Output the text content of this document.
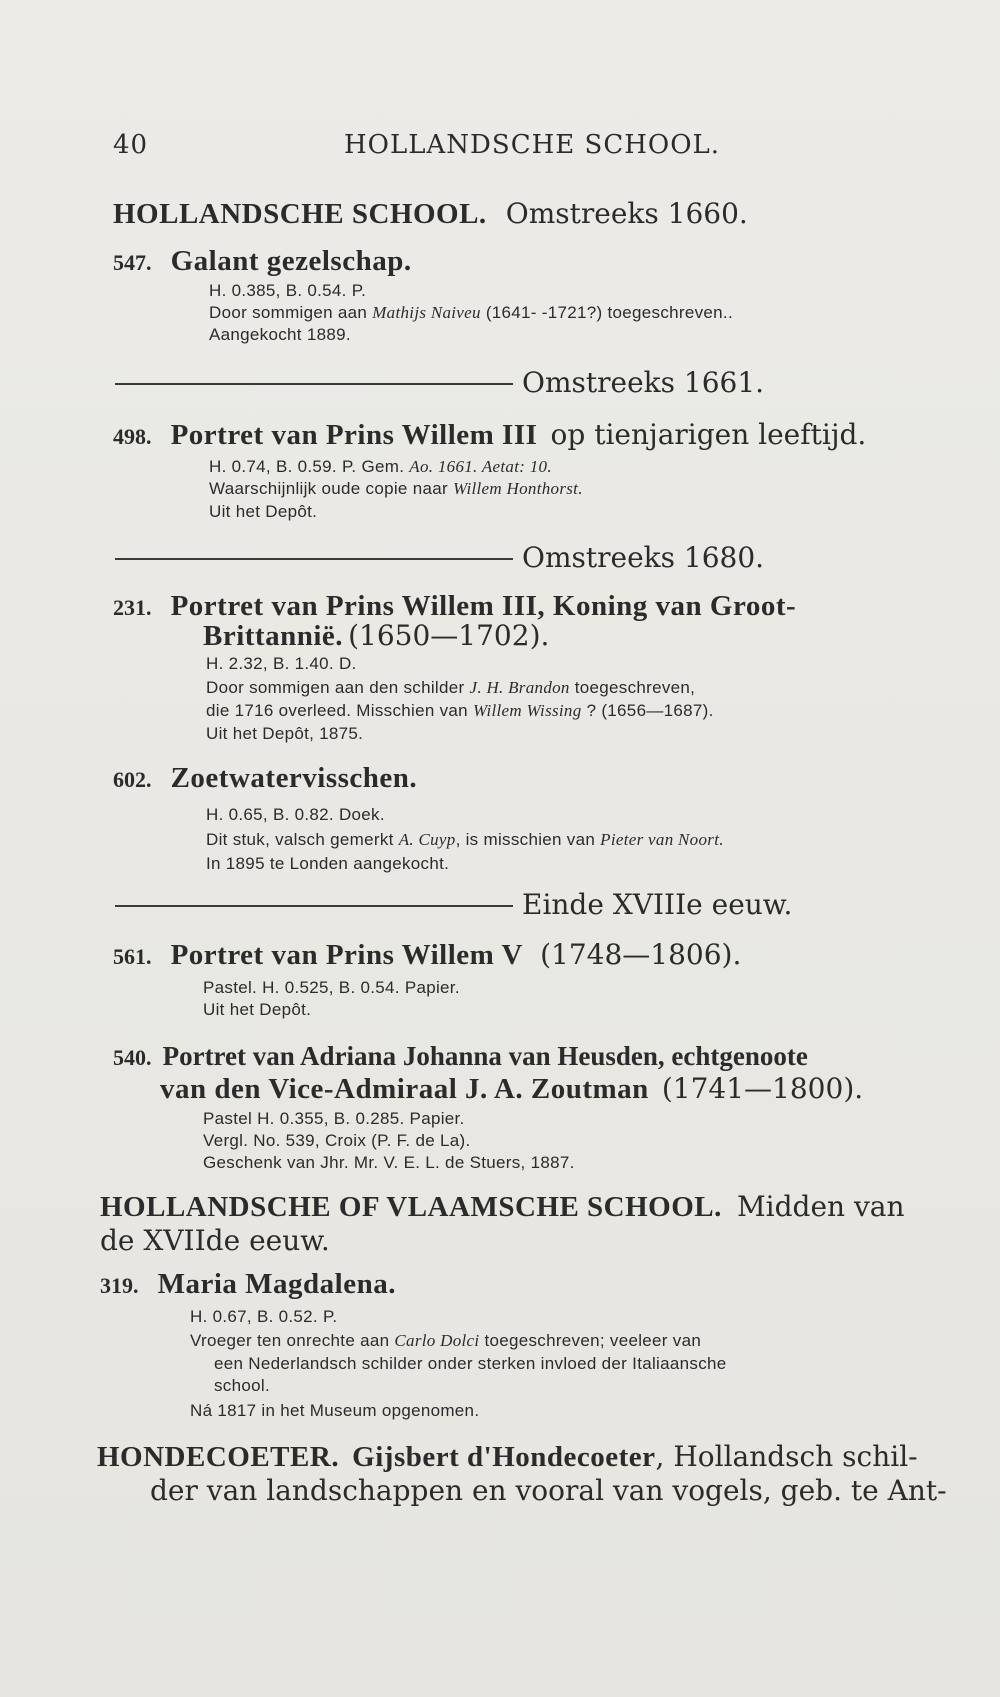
40	HOLLANDSCHE SCHOOL.
HOLLANDSCHE SCHOOL. Omstreeks 1660.
547. Galant gezelschap.
H. 0.385, B. 0.54. P.
Door sommigen aan Mathijs Naiveu (1641- -1721?) toegeschreven..
Aangekocht 1889.
Omstreeks 1661.
498. Portret van Prins Willem III op tienjarigen leeftijd.
H. 0.74, B. 0.59. P. Gem. Ao. 1661. Aetat: 10.
Waarschijnlijk oude copie naar Willem Honthorst.
Uit het Depôt.
Omstreeks 1680.
231. Portret van Prins Willem III, Koning van Groot-
Brittannië. (1650—1702).
H. 2.32, B. 1.40. D.
Door sommigen aan den schilder J. H. Brandon toegeschreven,
die 1716 overleed. Misschien van Willem Wissing ? (1656—1687).
Uit het Depôt, 1875.
602. Zoetwatervisschen.
H. 0.65, B. 0.82. Doek.
Dit stuk, valsch gemerkt A. Cuyp, is misschien van Pieter van Noort.
In 1895 te Londen aangekocht.
Einde XVIIIe eeuw.
561. Portret van Prins Willem V (1748—1806).
Pastel. H. 0.525, B. 0.54. Papier.
Uit het Depôt.
540. Portret van Adriana Johanna van Heusden, echtgenoote
van den Vice-Admiraal J. A. Zoutman (1741—1800).
Pastel H. 0.355, B. 0.285. Papier.
Vergl. No. 539, Croix (P. F. de La).
Geschenk van Jhr. Mr. V. E. L. de Stuers, 1887.
HOLLANDSCHE OF VLAAMSCHE SCHOOL. Midden van
de XVIIde eeuw.
319. Maria Magdalena.
H. 0.67, B. 0.52. P.
Vroeger ten onrechte aan Carlo Dolci toegeschreven; veeleer van
een Nederlandsch schilder onder sterken invloed der Italiaansche
school.
Ná 1817 in het Museum opgenomen.
HONDECOETER. Gijsbert d'Hondecoeter, Hollandsch schil-
der van landschappen en vooral van vogels, geb. te Ant-
